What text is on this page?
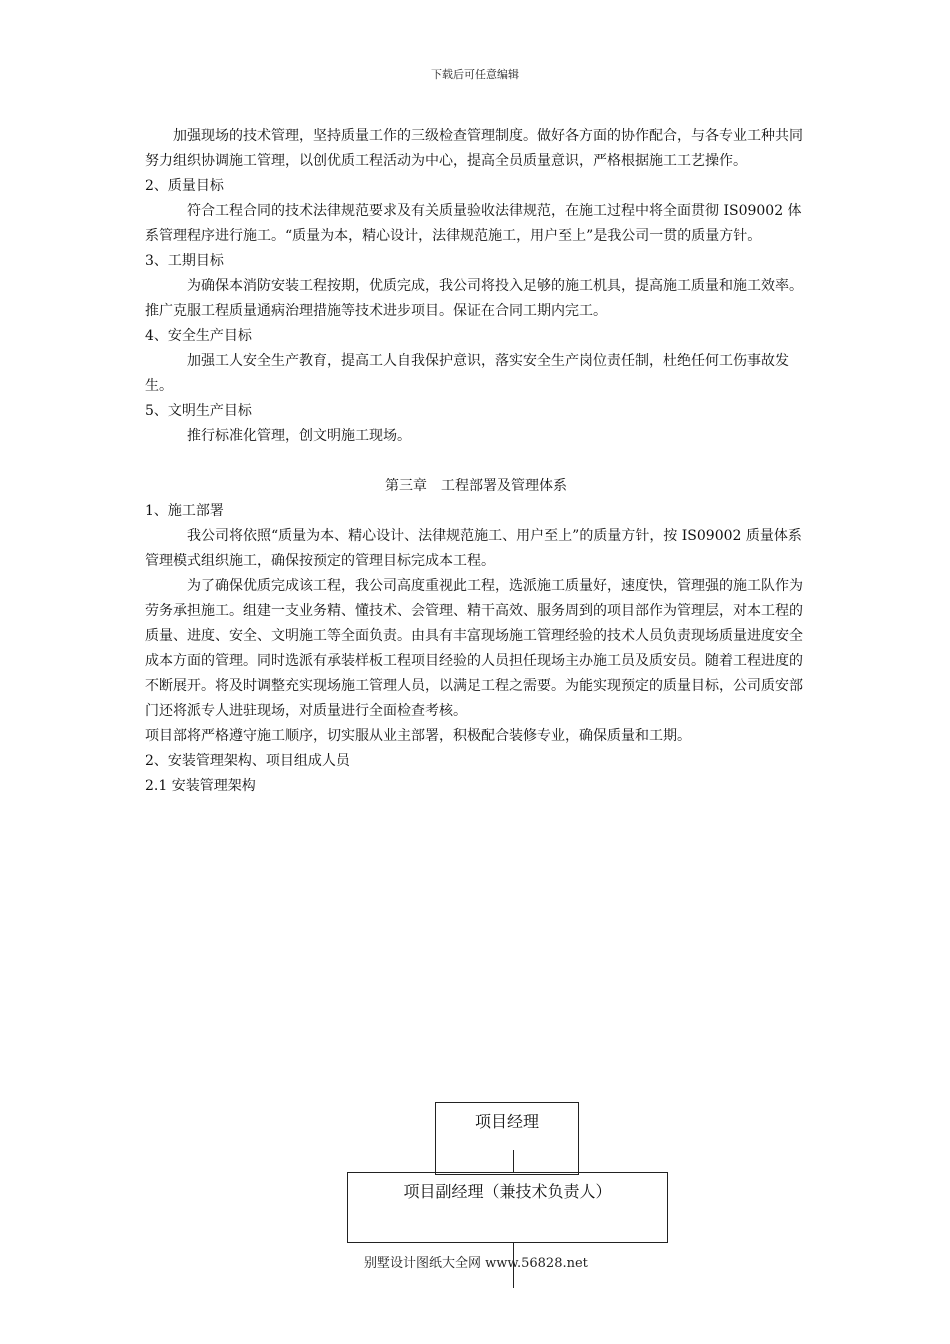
下载后可任意编辑

加强现场的技术管理，坚持质量工作的三级检查管理制度。做好各方面的协作配合，与各专业工种共同努力组织协调施工管理，以创优质工程活动为中心，提高全员质量意识，严格根据施工工艺操作。

2、质量目标

符合工程合同的技术法律规范要求及有关质量验收法律规范，在施工过程中将全面贯彻 IS09002 体系管理程序进行施工。“质量为本，精心设计，法律规范施工，用户至上”是我公司一贯的质量方针。

3、工期目标

为确保本消防安装工程按期，优质完成，我公司将投入足够的施工机具，提高施工质量和施工效率。推广克服工程质量通病治理措施等技术进步项目。保证在合同工期内完工。

4、安全生产目标

加强工人安全生产教育，提高工人自我保护意识，落实安全生产岗位责任制，杜绝任何工伤事故发生。

5、文明生产目标

推行标准化管理，创文明施工现场。

第三章　工程部署及管理体系

1、施工部署

我公司将依照“质量为本、精心设计、法律规范施工、用户至上”的质量方针，按 IS09002 质量体系管理模式组织施工，确保按预定的管理目标完成本工程。

为了确保优质完成该工程，我公司高度重视此工程，选派施工质量好，速度快，管理强的施工队作为劳务承担施工。组建一支业务精、懂技术、会管理、精干高效、服务周到的项目部作为管理层，对本工程的质量、进度、安全、文明施工等全面负责。由具有丰富现场施工管理经验的技术人员负责现场质量进度安全成本方面的管理。同时选派有承装样板工程项目经验的人员担任现场主办施工员及质安员。随着工程进度的不断展开。将及时调整充实现场施工管理人员，以满足工程之需要。为能实现预定的质量目标，公司质安部门还将派专人进驻现场，对质量进行全面检查考核。

项目部将严格遵守施工顺序，切实服从业主部署，积极配合装修专业，确保质量和工期。

2、安装管理架构、项目组成人员

2.1 安装管理架构

项目经理
项目副经理（兼技术负责人）
别墅设计图纸大全网 www.56828.net
